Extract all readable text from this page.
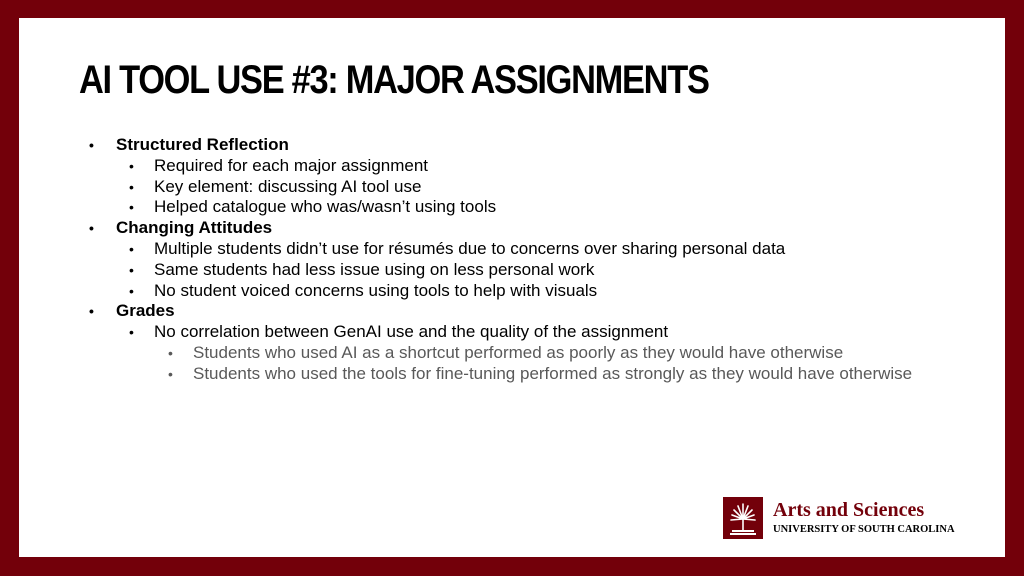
AI TOOL USE #3: MAJOR ASSIGNMENTS
• Structured Reflection
• Required for each major assignment
• Key element: discussing AI tool use
• Helped catalogue who was/wasn’t using tools
• Changing Attitudes
• Multiple students didn’t use for résumés due to concerns over sharing personal data
• Same students had less issue using on less personal work
• No student voiced concerns using tools to help with visuals
• Grades
• No correlation between GenAI use and the quality of the assignment
• Students who used AI as a shortcut performed as poorly as they would have otherwise
• Students who used the tools for fine-tuning performed as strongly as they would have otherwise
Arts and Sciences
UNIVERSITY OF SOUTH CAROLINA
